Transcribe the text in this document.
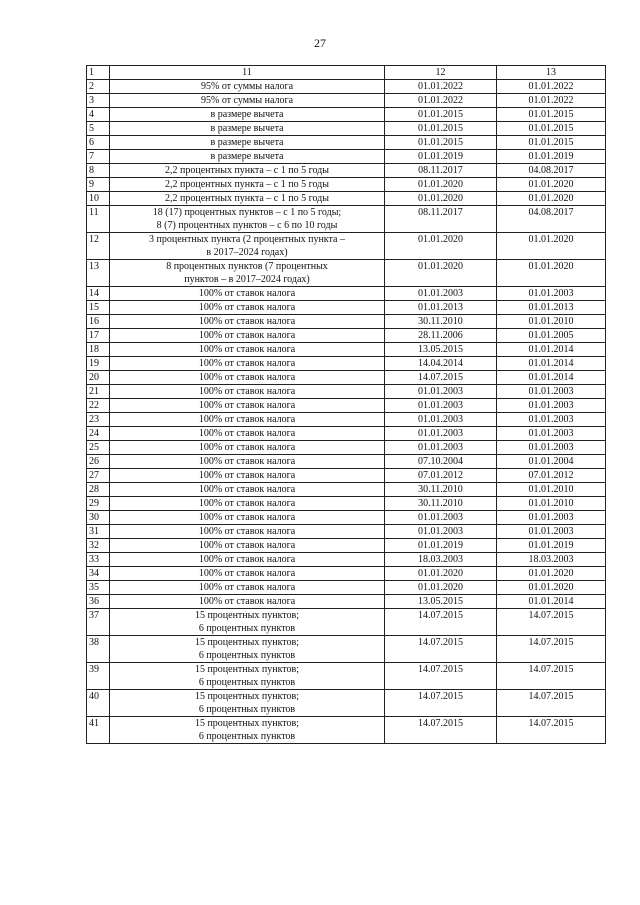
27
1	11	12	13
2	95% от суммы налога	01.01.2022	01.01.2022
3	95% от суммы налога	01.01.2022	01.01.2022
4	в размере вычета	01.01.2015	01.01.2015
5	в размере вычета	01.01.2015	01.01.2015
6	в размере вычета	01.01.2015	01.01.2015
7	в размере вычета	01.01.2019	01.01.2019
8	2,2 процентных пункта – с 1 по 5 годы	08.11.2017	04.08.2017
9	2,2 процентных пункта – с 1 по 5 годы	01.01.2020	01.01.2020
10	2,2 процентных пункта – с 1 по 5 годы	01.01.2020	01.01.2020
11	18 (17) процентных пунктов – с 1 по 5 годы;
8 (7) процентных пунктов – с 6 по 10 годы	08.11.2017	04.08.2017
12	3 процентных пункта (2 процентных пункта –
в 2017–2024 годах)	01.01.2020	01.01.2020
13	8 процентных пунктов (7 процентных
пунктов – в 2017–2024 годах)	01.01.2020	01.01.2020
14	100% от ставок налога	01.01.2003	01.01.2003
15	100% от ставок налога	01.01.2013	01.01.2013
16	100% от ставок налога	30.11.2010	01.01.2010
17	100% от ставок налога	28.11.2006	01.01.2005
18	100% от ставок налога	13.05.2015	01.01.2014
19	100% от ставок налога	14.04.2014	01.01.2014
20	100% от ставок налога	14.07.2015	01.01.2014
21	100% от ставок налога	01.01.2003	01.01.2003
22	100% от ставок налога	01.01.2003	01.01.2003
23	100% от ставок налога	01.01.2003	01.01.2003
24	100% от ставок налога	01.01.2003	01.01.2003
25	100% от ставок налога	01.01.2003	01.01.2003
26	100% от ставок налога	07.10.2004	01.01.2004
27	100% от ставок налога	07.01.2012	07.01.2012
28	100% от ставок налога	30.11.2010	01.01.2010
29	100% от ставок налога	30.11.2010	01.01.2010
30	100% от ставок налога	01.01.2003	01.01.2003
31	100% от ставок налога	01.01.2003	01.01.2003
32	100% от ставок налога	01.01.2019	01.01.2019
33	100% от ставок налога	18.03.2003	18.03.2003
34	100% от ставок налога	01.01.2020	01.01.2020
35	100% от ставок налога	01.01.2020	01.01.2020
36	100% от ставок налога	13.05.2015	01.01.2014
37	15 процентных пунктов;
6 процентных пунктов	14.07.2015	14.07.2015
38	15 процентных пунктов;
6 процентных пунктов	14.07.2015	14.07.2015
39	15 процентных пунктов;
6 процентных пунктов	14.07.2015	14.07.2015
40	15 процентных пунктов;
6 процентных пунктов	14.07.2015	14.07.2015
41	15 процентных пунктов;
6 процентных пунктов	14.07.2015	14.07.2015
